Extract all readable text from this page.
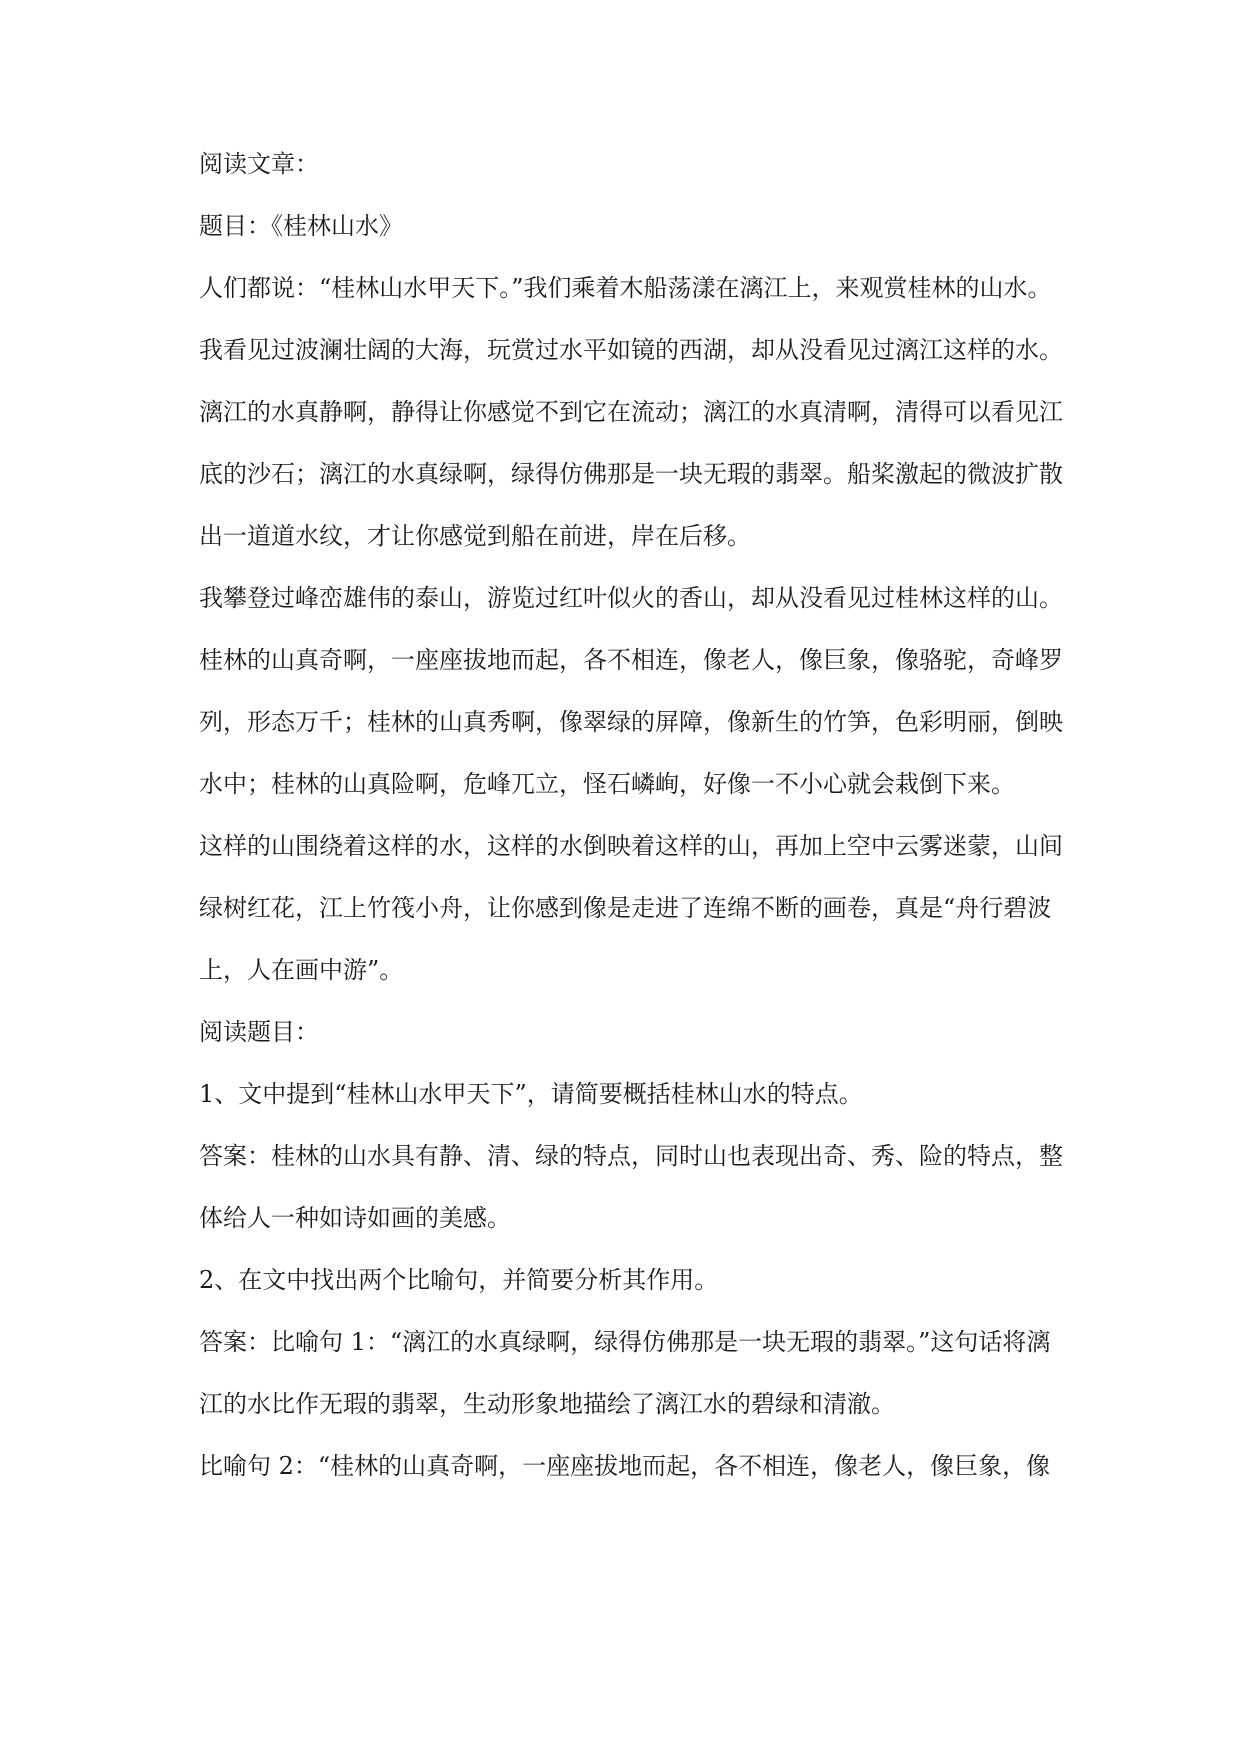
阅读文章：
题目：《桂林山水》
人们都说：“桂林山水甲天下。”我们乘着木船荡漾在漓江上，来观赏桂林的山水。
我看见过波澜壮阔的大海，玩赏过水平如镜的西湖，却从没看见过漓江这样的水。
漓江的水真静啊，静得让你感觉不到它在流动；漓江的水真清啊，清得可以看见江
底的沙石；漓江的水真绿啊，绿得仿佛那是一块无瑕的翡翠。船桨激起的微波扩散
出一道道水纹，才让你感觉到船在前进，岸在后移。
我攀登过峰峦雄伟的泰山，游览过红叶似火的香山，却从没看见过桂林这样的山。
桂林的山真奇啊，一座座拔地而起，各不相连，像老人，像巨象，像骆驼，奇峰罗
列，形态万千；桂林的山真秀啊，像翠绿的屏障，像新生的竹笋，色彩明丽，倒映
水中；桂林的山真险啊，危峰兀立，怪石嶙峋，好像一不小心就会栽倒下来。
这样的山围绕着这样的水，这样的水倒映着这样的山，再加上空中云雾迷蒙，山间
绿树红花，江上竹筏小舟，让你感到像是走进了连绵不断的画卷，真是“舟行碧波
上，人在画中游”。
阅读题目：
1、文中提到“桂林山水甲天下”，请简要概括桂林山水的特点。
答案：桂林的山水具有静、清、绿的特点，同时山也表现出奇、秀、险的特点，整
体给人一种如诗如画的美感。
2、在文中找出两个比喻句，并简要分析其作用。
答案：比喻句 1：“漓江的水真绿啊，绿得仿佛那是一块无瑕的翡翠。”这句话将漓
江的水比作无瑕的翡翠，生动形象地描绘了漓江水的碧绿和清澈。
比喻句 2：“桂林的山真奇啊，一座座拔地而起，各不相连，像老人，像巨象，像
